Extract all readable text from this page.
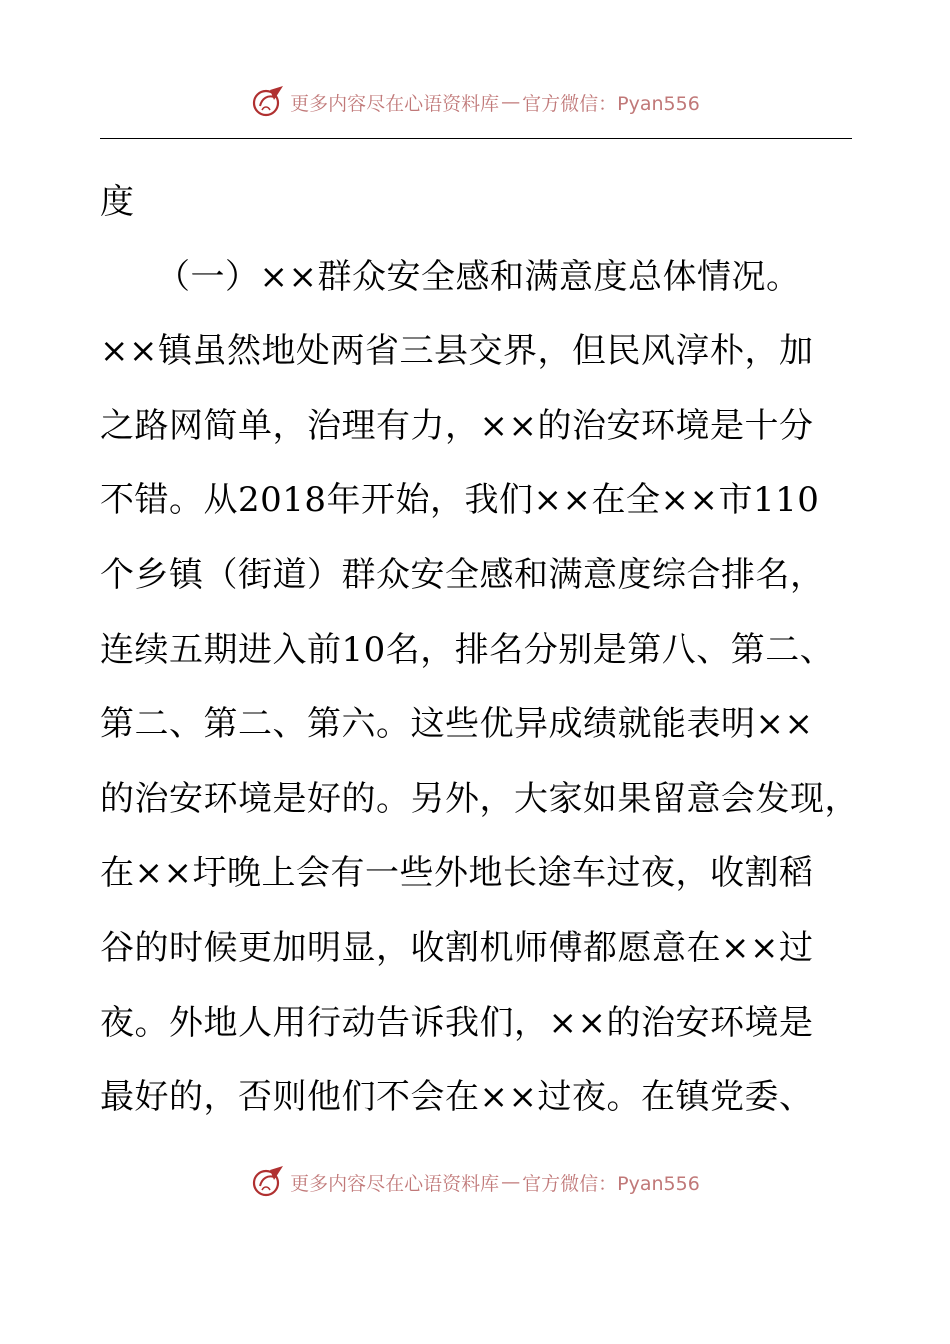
更多内容尽在心语资料库 — 官方微信：Pyan556
度
（一）××群众安全感和满意度总体情况。
××镇虽然地处两省三县交界，但民风淳朴，加
之路网简单，治理有力，××的治安环境是十分
不错。从2018年开始，我们××在全××市110
个乡镇（街道）群众安全感和满意度综合排名，
连续五期进入前10名，排名分别是第八、第二、
第二、第二、第六。这些优异成绩就能表明××
的治安环境是好的。另外，大家如果留意会发现，
在××圩晚上会有一些外地长途车过夜，收割稻
谷的时候更加明显，收割机师傅都愿意在××过
夜。外地人用行动告诉我们，××的治安环境是
最好的，否则他们不会在××过夜。在镇党委、
更多内容尽在心语资料库 — 官方微信：Pyan556
